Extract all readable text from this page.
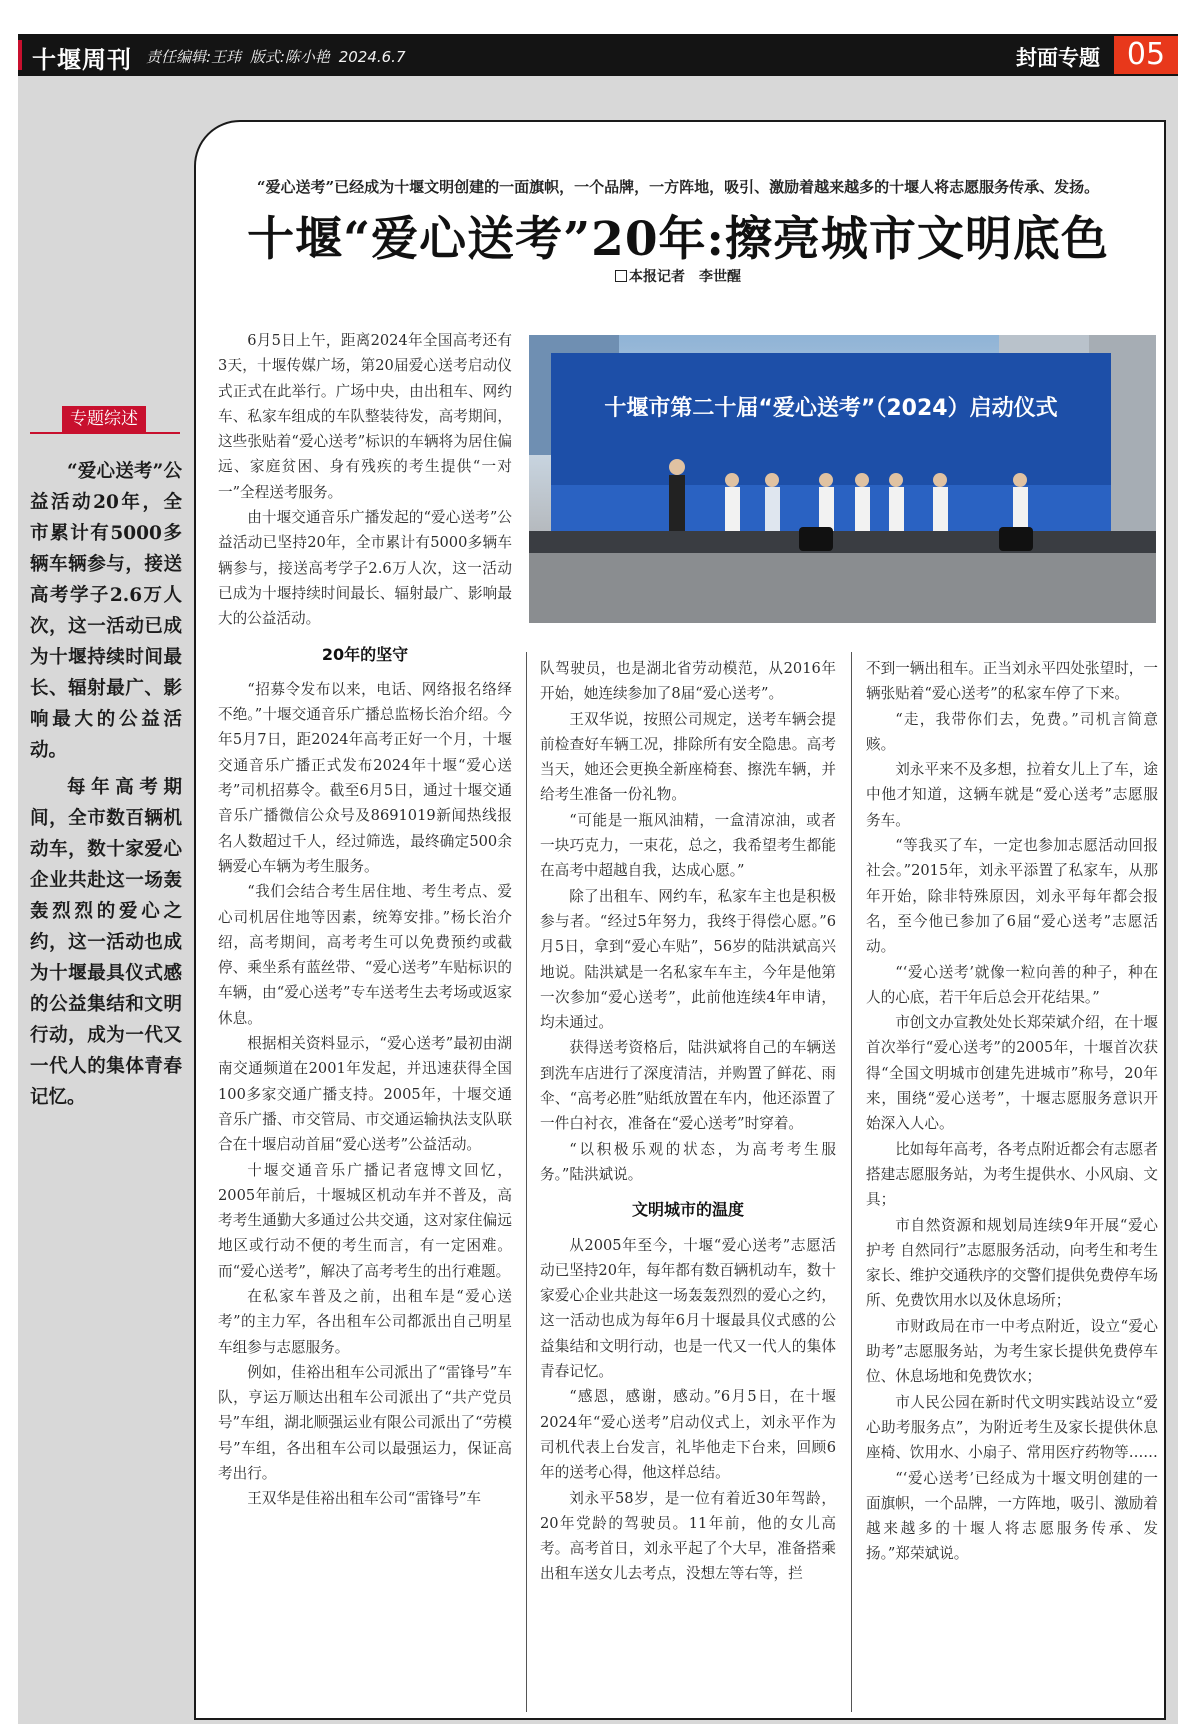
十堰周刊 责任编辑:王玮 版式:陈小艳 2024.6.7	封面专题 05
专题综述

“爱心送考”公益活动20年，全市累计有5000多辆车辆参与，接送高考学子2.6万人次，这一活动已成为十堰持续时间最长、辐射最广、影响最大的公益活动。

每年高考期间，全市数百辆机动车，数十家爱心企业共赴这一场轰轰烈烈的爱心之约，这一活动也成为十堰最具仪式感的公益集结和文明行动，成为一代又一代人的集体青春记忆。

“爱心送考”已经成为十堰文明创建的一面旗帜，一个品牌，一方阵地，吸引、激励着越来越多的十堰人将志愿服务传承、发扬。
十堰“爱心送考”20年:擦亮城市文明底色
本报记者　李世醒
十堰市第二十届“爱心送考”（2024）启动仪式

6月5日上午，距离2024年全国高考还有3天，十堰传媒广场，第20届爱心送考启动仪式正式在此举行。广场中央，由出租车、网约车、私家车组成的车队整装待发，高考期间，这些张贴着“爱心送考”标识的车辆将为居住偏远、家庭贫困、身有残疾的考生提供“一对一”全程送考服务。

由十堰交通音乐广播发起的“爱心送考”公益活动已坚持20年，全市累计有5000多辆车辆参与，接送高考学子2.6万人次，这一活动已成为十堰持续时间最长、辐射最广、影响最大的公益活动。

20年的坚守

“招募令发布以来，电话、网络报名络绎不绝。”十堰交通音乐广播总监杨长治介绍。今年5月7日，距2024年高考正好一个月，十堰交通音乐广播正式发布2024年十堰“爱心送考”司机招募令。截至6月5日，通过十堰交通音乐广播微信公众号及8691019新闻热线报名人数超过千人，经过筛选，最终确定500余辆爱心车辆为考生服务。

“我们会结合考生居住地、考生考点、爱心司机居住地等因素，统筹安排。”杨长治介绍，高考期间，高考考生可以免费预约或截停、乘坐系有蓝丝带、“爱心送考”车贴标识的车辆，由“爱心送考”专车送考生去考场或返家休息。

根据相关资料显示，“爱心送考”最初由湖南交通频道在2001年发起，并迅速获得全国100多家交通广播支持。2005年，十堰交通音乐广播、市交管局、市交通运输执法支队联合在十堰启动首届“爱心送考”公益活动。

十堰交通音乐广播记者寇博文回忆，2005年前后，十堰城区机动车并不普及，高考考生通勤大多通过公共交通，这对家住偏远地区或行动不便的考生而言，有一定困难。而“爱心送考”，解决了高考考生的出行难题。

在私家车普及之前，出租车是“爱心送考”的主力军，各出租车公司都派出自己明星车组参与志愿服务。

例如，佳裕出租车公司派出了“雷锋号”车队，亨运万顺达出租车公司派出了“共产党员号”车组，湖北顺强运业有限公司派出了“劳模号”车组，各出租车公司以最强运力，保证高考出行。

王双华是佳裕出租车公司“雷锋号”车

队驾驶员，也是湖北省劳动模范，从2016年开始，她连续参加了8届“爱心送考”。

王双华说，按照公司规定，送考车辆会提前检查好车辆工况，排除所有安全隐患。高考当天，她还会更换全新座椅套、擦洗车辆，并给考生准备一份礼物。

“可能是一瓶风油精，一盒清凉油，或者一块巧克力，一束花，总之，我希望考生都能在高考中超越自我，达成心愿。”

除了出租车、网约车，私家车主也是积极参与者。“经过5年努力，我终于得偿心愿。”6月5日，拿到“爱心车贴”，56岁的陆洪斌高兴地说。陆洪斌是一名私家车车主，今年是他第一次参加“爱心送考”，此前他连续4年申请，均未通过。

获得送考资格后，陆洪斌将自己的车辆送到洗车店进行了深度清洁，并购置了鲜花、雨伞、“高考必胜”贴纸放置在车内，他还添置了一件白衬衣，准备在“爱心送考”时穿着。

“以积极乐观的状态，为高考考生服务。”陆洪斌说。

文明城市的温度

从2005年至今，十堰“爱心送考”志愿活动已坚持20年，每年都有数百辆机动车，数十家爱心企业共赴这一场轰轰烈烈的爱心之约，这一活动也成为每年6月十堰最具仪式感的公益集结和文明行动，也是一代又一代人的集体青春记忆。

“感恩，感谢，感动。”6月5日，在十堰2024年“爱心送考”启动仪式上，刘永平作为司机代表上台发言，礼毕他走下台来，回顾6年的送考心得，他这样总结。

刘永平58岁，是一位有着近30年驾龄，20年党龄的驾驶员。11年前，他的女儿高考。高考首日，刘永平起了个大早，准备搭乘出租车送女儿去考点，没想左等右等，拦

不到一辆出租车。正当刘永平四处张望时，一辆张贴着“爱心送考”的私家车停了下来。

“走，我带你们去，免费。”司机言简意赅。

刘永平来不及多想，拉着女儿上了车，途中他才知道，这辆车就是“爱心送考”志愿服务车。

“等我买了车，一定也参加志愿活动回报社会。”2015年，刘永平添置了私家车，从那年开始，除非特殊原因，刘永平每年都会报名，至今他已参加了6届“爱心送考”志愿活动。

“‘爱心送考’就像一粒向善的种子，种在人的心底，若干年后总会开花结果。”

市创文办宣教处处长郑荣斌介绍，在十堰首次举行“爱心送考”的2005年，十堰首次获得“全国文明城市创建先进城市”称号，20年来，围绕“爱心送考”，十堰志愿服务意识开始深入人心。

比如每年高考，各考点附近都会有志愿者搭建志愿服务站，为考生提供水、小风扇、文具；

市自然资源和规划局连续9年开展“爱心护考 自然同行”志愿服务活动，向考生和考生家长、维护交通秩序的交警们提供免费停车场所、免费饮用水以及休息场所；

市财政局在市一中考点附近，设立“爱心助考”志愿服务站，为考生家长提供免费停车位、休息场地和免费饮水；

市人民公园在新时代文明实践站设立“爱心助考服务点”，为附近考生及家长提供休息座椅、饮用水、小扇子、常用医疗药物等……

“‘爱心送考’已经成为十堰文明创建的一面旗帜，一个品牌，一方阵地，吸引、激励着越来越多的十堰人将志愿服务传承、发扬。”郑荣斌说。
